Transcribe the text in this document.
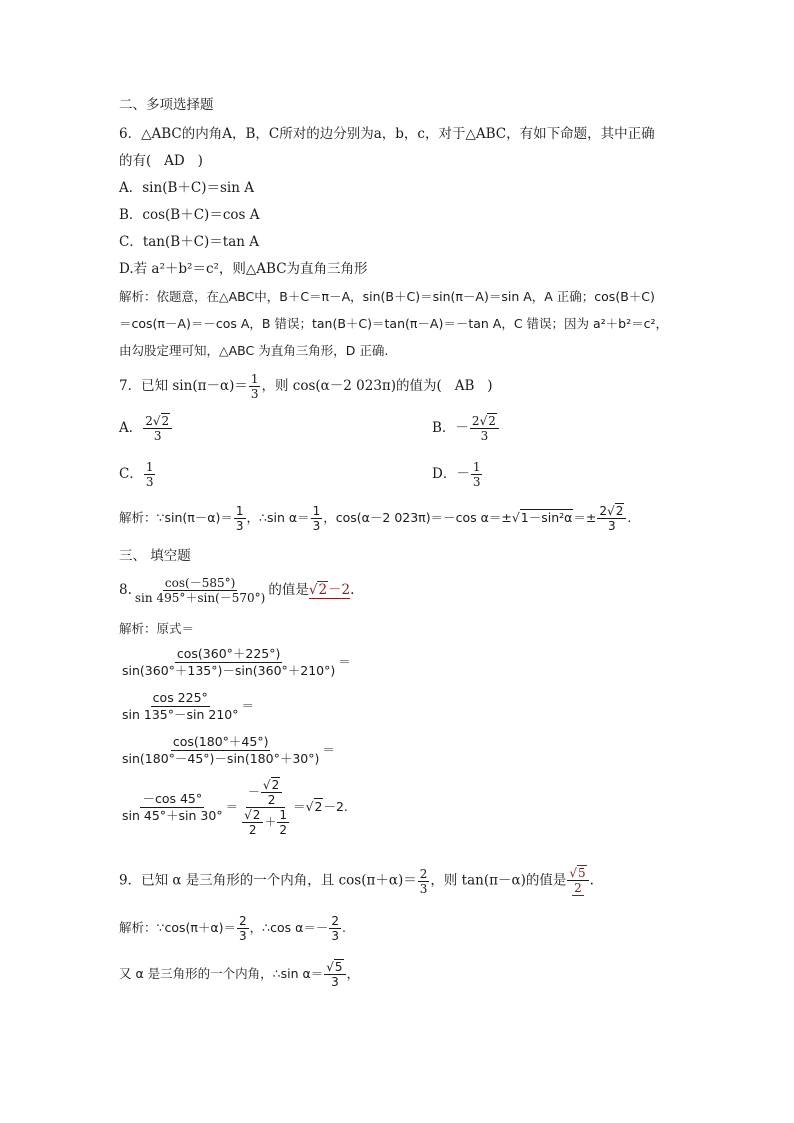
二、多项选择题
6．△ABC的内角A，B，C所对的边分别为a，b，c，对于△ABC，有如下命题，其中正确
的有( AD )
A．sin(B＋C)＝sin A
B．cos(B＋C)＝cos A
C．tan(B＋C)＝tan A
D.若 a²＋b²＝c²，则△ABC为直角三角形
解析：依题意，在△ABC中，B＋C＝π－A，sin(B＋C)＝sin(π－A)＝sin A，A 正确；cos(B＋C)
＝cos(π－A)＝－cos A，B 错误；tan(B＋C)＝tan(π－A)＝－tan A，C 错误；因为 a²＋b²＝c²，
由勾股定理可知，△ABC 为直角三角形，D 正确.
7．已知 $\sin(\pi-\alpha)= \frac{1}{3}$ ，则 cos(α－2 023π)的值为( AB )
A． $\frac{2√2}{3}$	B．－ $\frac{2√2}{3}$
C． $\frac{1}{3}$	D．－ $\frac{1}{3}$
解析：∵sin(π－α)＝ $\frac{1}{3}$ ，∴sin $\alpha= \frac{1}{3}$ ，cos(α－2 023π)＝－cos $\alpha=\pm√1-\sin^2\alpha=\pm \frac{2√2}{3}$ .
三、 填空题
8. $\frac{\cos(-585^\circ)}{\sin 495^\circ+\sin(-570^\circ)}$ 的值是√2－2.
解析：原式＝
$\frac{\cos(360^\circ+225^\circ)}{\sin(360^\circ+135^\circ)-\sin(360^\circ+210^\circ)}$ ＝
$\frac{\cos 225^\circ}{\sin 135^\circ-\sin 210^\circ}$ ＝
$\frac{\cos(180^\circ+45^\circ)}{\sin(180^\circ-45^\circ)-\sin(180^\circ+30^\circ)}$ ＝
$\frac{-\cos 45^\circ}{\sin 45^\circ+\sin 30^\circ} = \frac{- \frac{√2}{2}}{\frac{√2}{2} + \frac{1}{2}} =√2-2$.
9．已知 α 是三角形的一个内角，且 $\cos(\pi+\alpha)= \frac{2}{3}$ ，则 tan(π－α)的值是 $\frac{√5}{2}$ .
解析：∵cos(π＋α)＝ $\frac{2}{3}$ ，∴cos $\alpha=- \frac{2}{3}$ .
又 α 是三角形的一个内角，∴sin $\alpha= \frac{√5}{3}$ ，
